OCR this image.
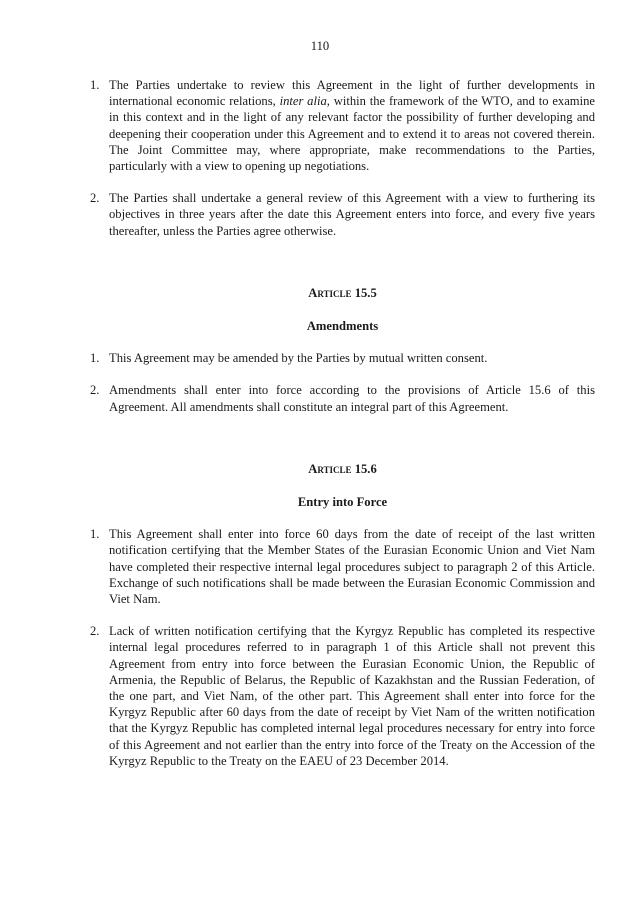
110
1. The Parties undertake to review this Agreement in the light of further developments in international economic relations, inter alia, within the framework of the WTO, and to examine in this context and in the light of any relevant factor the possibility of further developing and deepening their cooperation under this Agreement and to extend it to areas not covered therein. The Joint Committee may, where appropriate, make recommendations to the Parties, particularly with a view to opening up negotiations.
2. The Parties shall undertake a general review of this Agreement with a view to furthering its objectives in three years after the date this Agreement enters into force, and every five years thereafter, unless the Parties agree otherwise.
Article 15.5
Amendments
1. This Agreement may be amended by the Parties by mutual written consent.
2. Amendments shall enter into force according to the provisions of Article 15.6 of this Agreement. All amendments shall constitute an integral part of this Agreement.
Article 15.6
Entry into Force
1. This Agreement shall enter into force 60 days from the date of receipt of the last written notification certifying that the Member States of the Eurasian Economic Union and Viet Nam have completed their respective internal legal procedures subject to paragraph 2 of this Article. Exchange of such notifications shall be made between the Eurasian Economic Commission and Viet Nam.
2. Lack of written notification certifying that the Kyrgyz Republic has completed its respective internal legal procedures referred to in paragraph 1 of this Article shall not prevent this Agreement from entry into force between the Eurasian Economic Union, the Republic of Armenia, the Republic of Belarus, the Republic of Kazakhstan and the Russian Federation, of the one part, and Viet Nam, of the other part. This Agreement shall enter into force for the Kyrgyz Republic after 60 days from the date of receipt by Viet Nam of the written notification that the Kyrgyz Republic has completed internal legal procedures necessary for entry into force of this Agreement and not earlier than the entry into force of the Treaty on the Accession of the Kyrgyz Republic to the Treaty on the EAEU of 23 December 2014.
